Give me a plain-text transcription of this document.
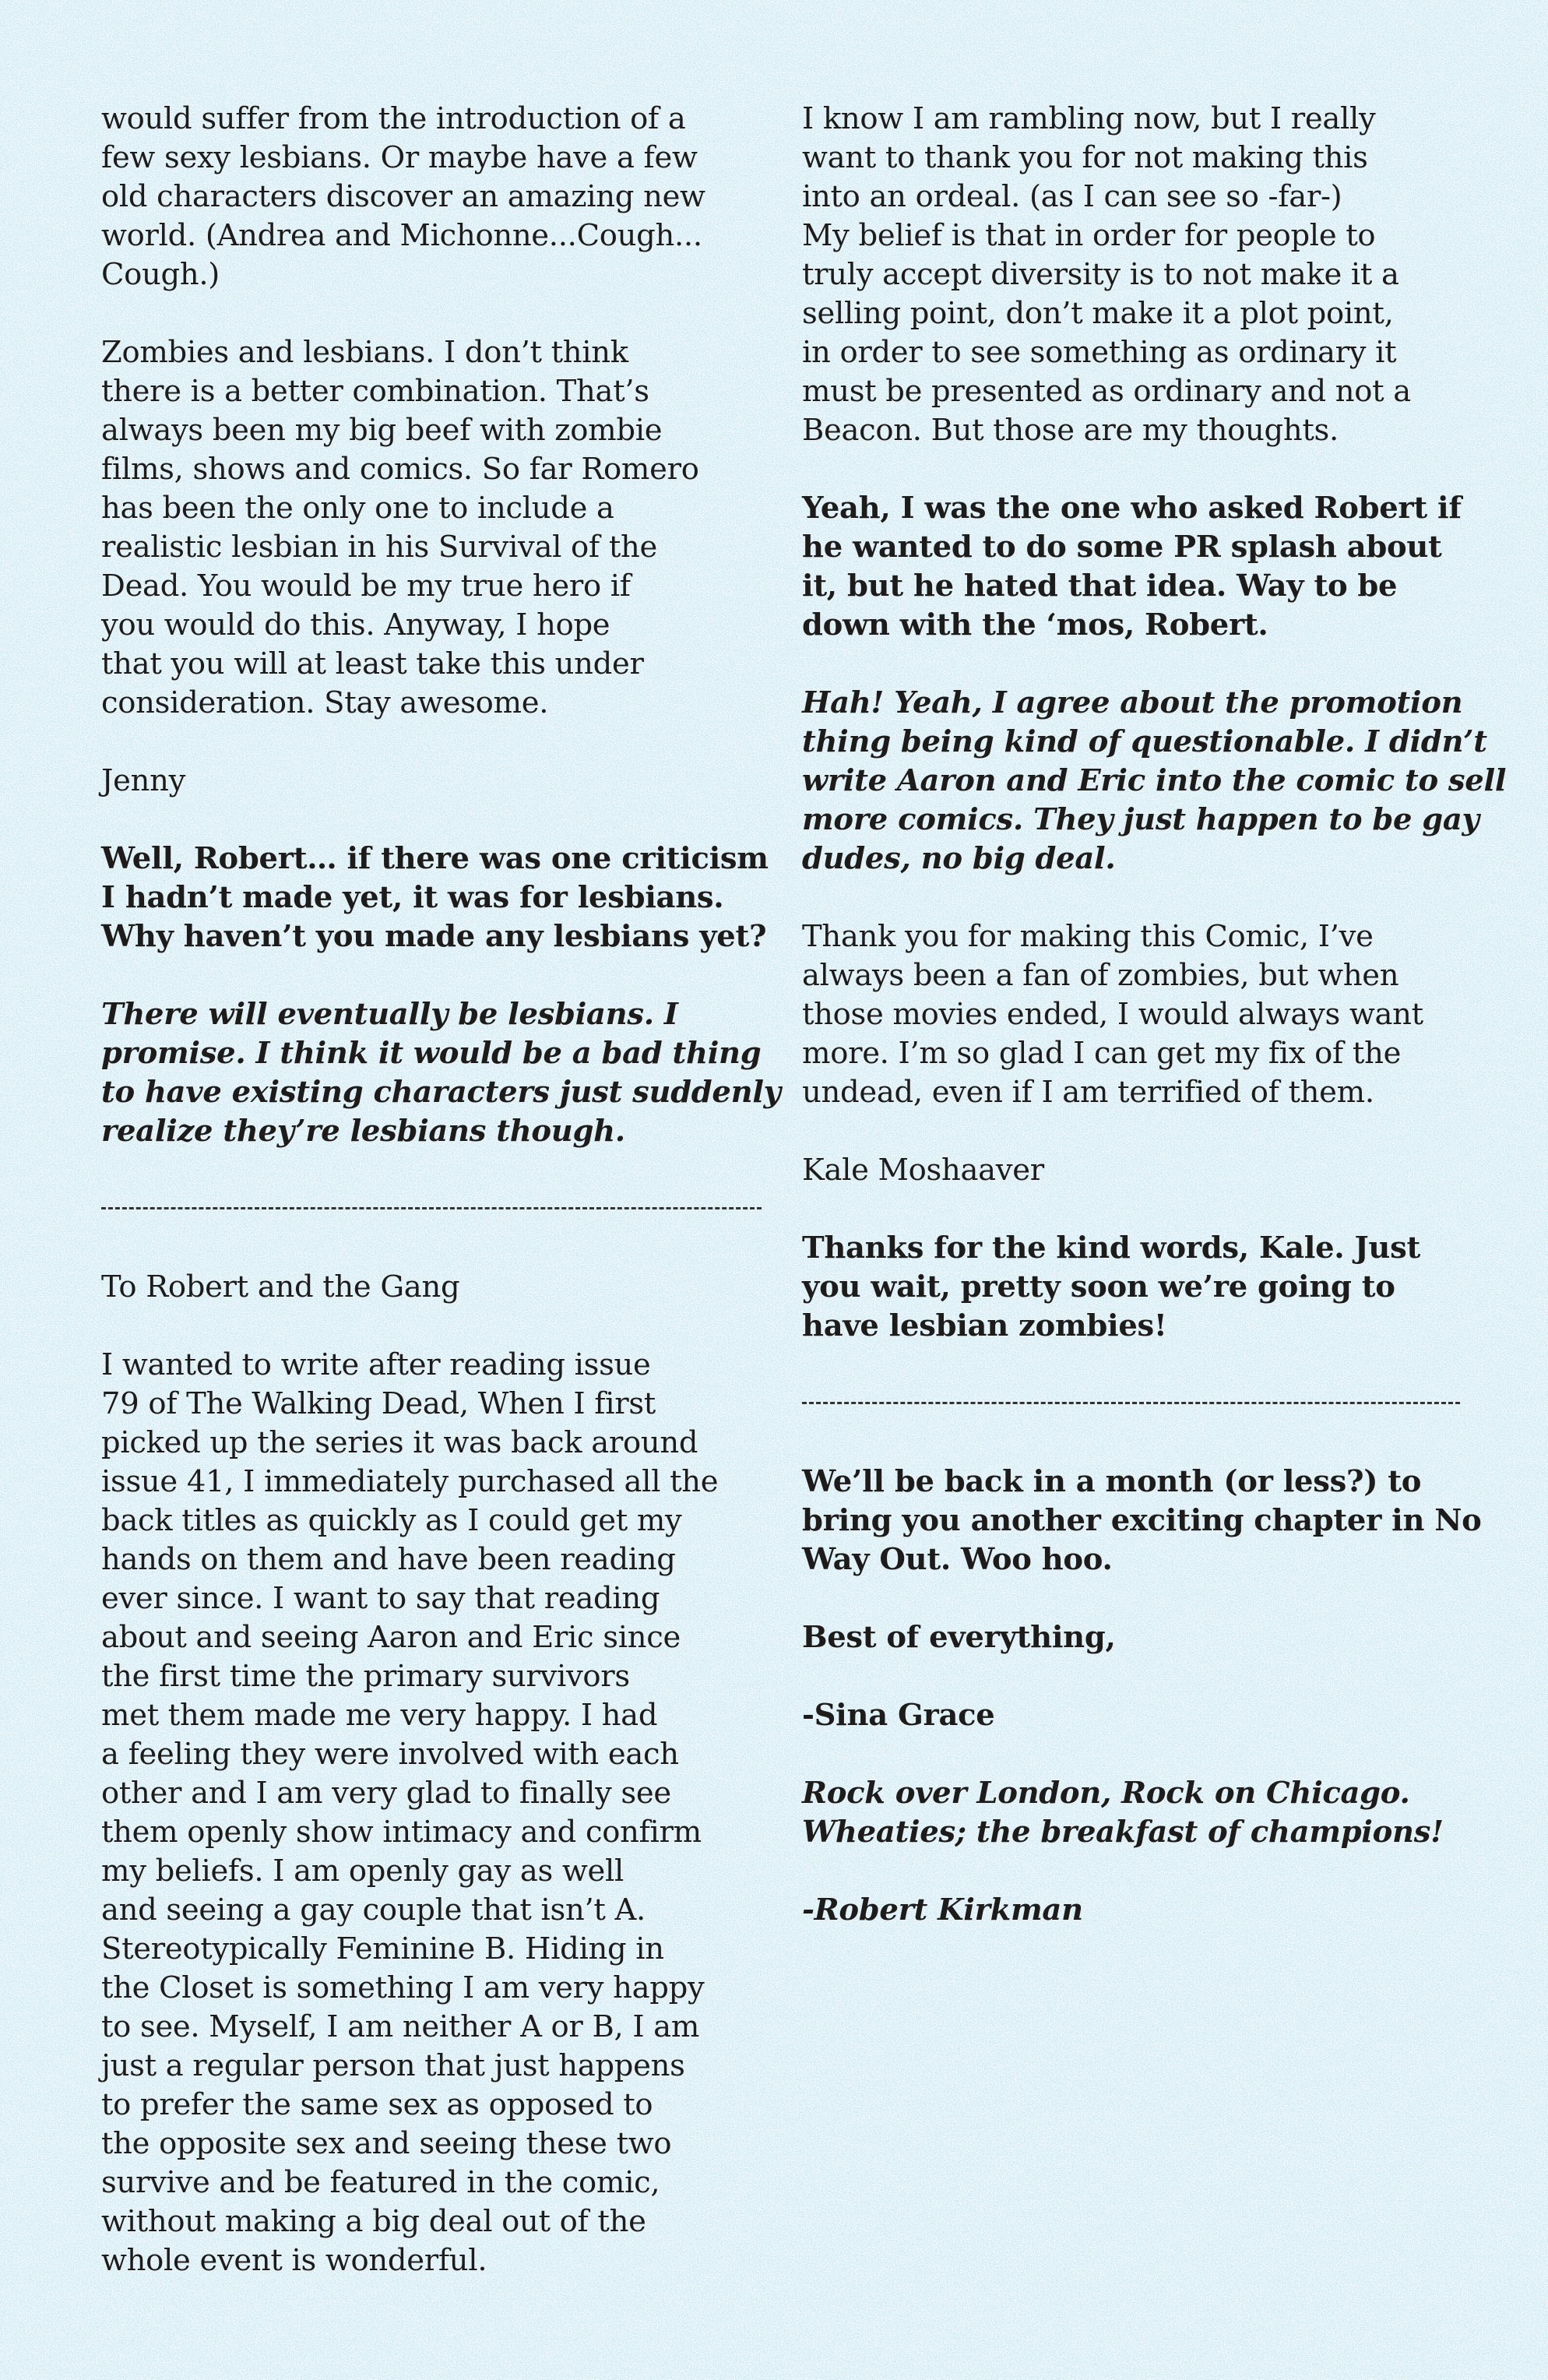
would suffer from the introduction of a
few sexy lesbians. Or maybe have a few
old characters discover an amazing new
world. (Andrea and Michonne...Cough...
Cough.)
Zombies and lesbians. I don’t think
there is a better combination. That’s
always been my big beef with zombie
films, shows and comics. So far Romero
has been the only one to include a
realistic lesbian in his Survival of the
Dead. You would be my true hero if
you would do this. Anyway, I hope
that you will at least take this under
consideration. Stay awesome.
Jenny
Well, Robert… if there was one criticism
I hadn’t made yet, it was for lesbians.
Why haven’t you made any lesbians yet?
There will eventually be lesbians. I
promise. I think it would be a bad thing
to have existing characters just suddenly
realize they’re lesbians though.
To Robert and the Gang
I wanted to write after reading issue
79 of The Walking Dead, When I first
picked up the series it was back around
issue 41, I immediately purchased all the
back titles as quickly as I could get my
hands on them and have been reading
ever since. I want to say that reading
about and seeing Aaron and Eric since
the first time the primary survivors
met them made me very happy. I had
a feeling they were involved with each
other and I am very glad to finally see
them openly show intimacy and confirm
my beliefs. I am openly gay as well
and seeing a gay couple that isn’t A.
Stereotypically Feminine B. Hiding in
the Closet is something I am very happy
to see. Myself, I am neither A or B, I am
just a regular person that just happens
to prefer the same sex as opposed to
the opposite sex and seeing these two
survive and be featured in the comic,
without making a big deal out of the
whole event is wonderful.
I know I am rambling now, but I really
want to thank you for not making this
into an ordeal. (as I can see so -far-)
My belief is that in order for people to
truly accept diversity is to not make it a
selling point, don’t make it a plot point,
in order to see something as ordinary it
must be presented as ordinary and not a
Beacon. But those are my thoughts.
Yeah, I was the one who asked Robert if
he wanted to do some PR splash about
it, but he hated that idea. Way to be
down with the ‘mos, Robert.
Hah! Yeah, I agree about the promotion
thing being kind of questionable. I didn’t
write Aaron and Eric into the comic to sell
more comics. They just happen to be gay
dudes, no big deal.
Thank you for making this Comic, I’ve
always been a fan of zombies, but when
those movies ended, I would always want
more. I’m so glad I can get my fix of the
undead, even if I am terrified of them.
Kale Moshaaver
Thanks for the kind words, Kale. Just
you wait, pretty soon we’re going to
have lesbian zombies!
We’ll be back in a month (or less?) to
bring you another exciting chapter in No
Way Out. Woo hoo.
Best of everything,
-Sina Grace
Rock over London, Rock on Chicago.
Wheaties; the breakfast of champions!
-Robert Kirkman
